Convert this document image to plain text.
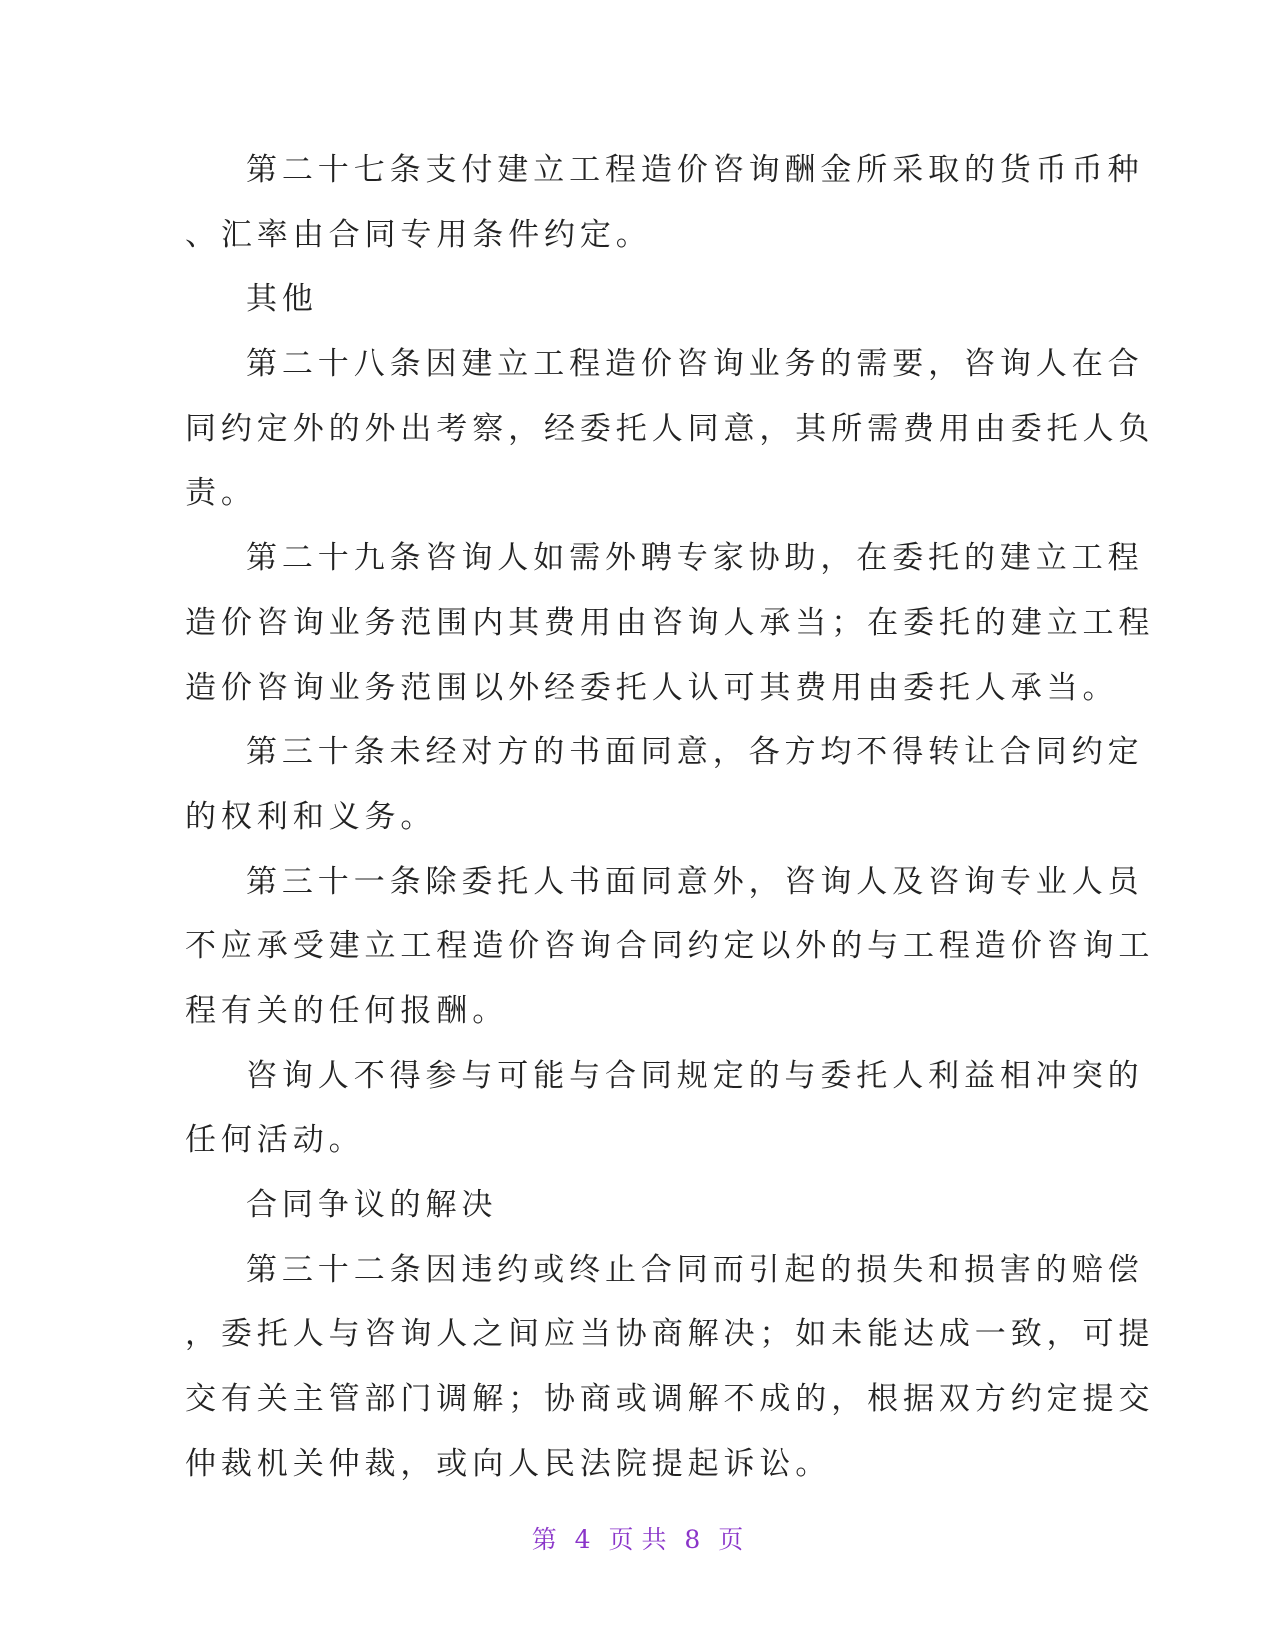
第二十七条支付建立工程造价咨询酬金所采取的货币币种
、汇率由合同专用条件约定。
其他
第二十八条因建立工程造价咨询业务的需要，咨询人在合
同约定外的外出考察，经委托人同意，其所需费用由委托人负
责。
第二十九条咨询人如需外聘专家协助，在委托的建立工程
造价咨询业务范围内其费用由咨询人承当；在委托的建立工程
造价咨询业务范围以外经委托人认可其费用由委托人承当。
第三十条未经对方的书面同意，各方均不得转让合同约定
的权利和义务。
第三十一条除委托人书面同意外，咨询人及咨询专业人员
不应承受建立工程造价咨询合同约定以外的与工程造价咨询工
程有关的任何报酬。
咨询人不得参与可能与合同规定的与委托人利益相冲突的
任何活动。
合同争议的解决
第三十二条因违约或终止合同而引起的损失和损害的赔偿
，委托人与咨询人之间应当协商解决；如未能达成一致，可提
交有关主管部门调解；协商或调解不成的，根据双方约定提交
仲裁机关仲裁，或向人民法院提起诉讼。
第 4 页 共 8 页
